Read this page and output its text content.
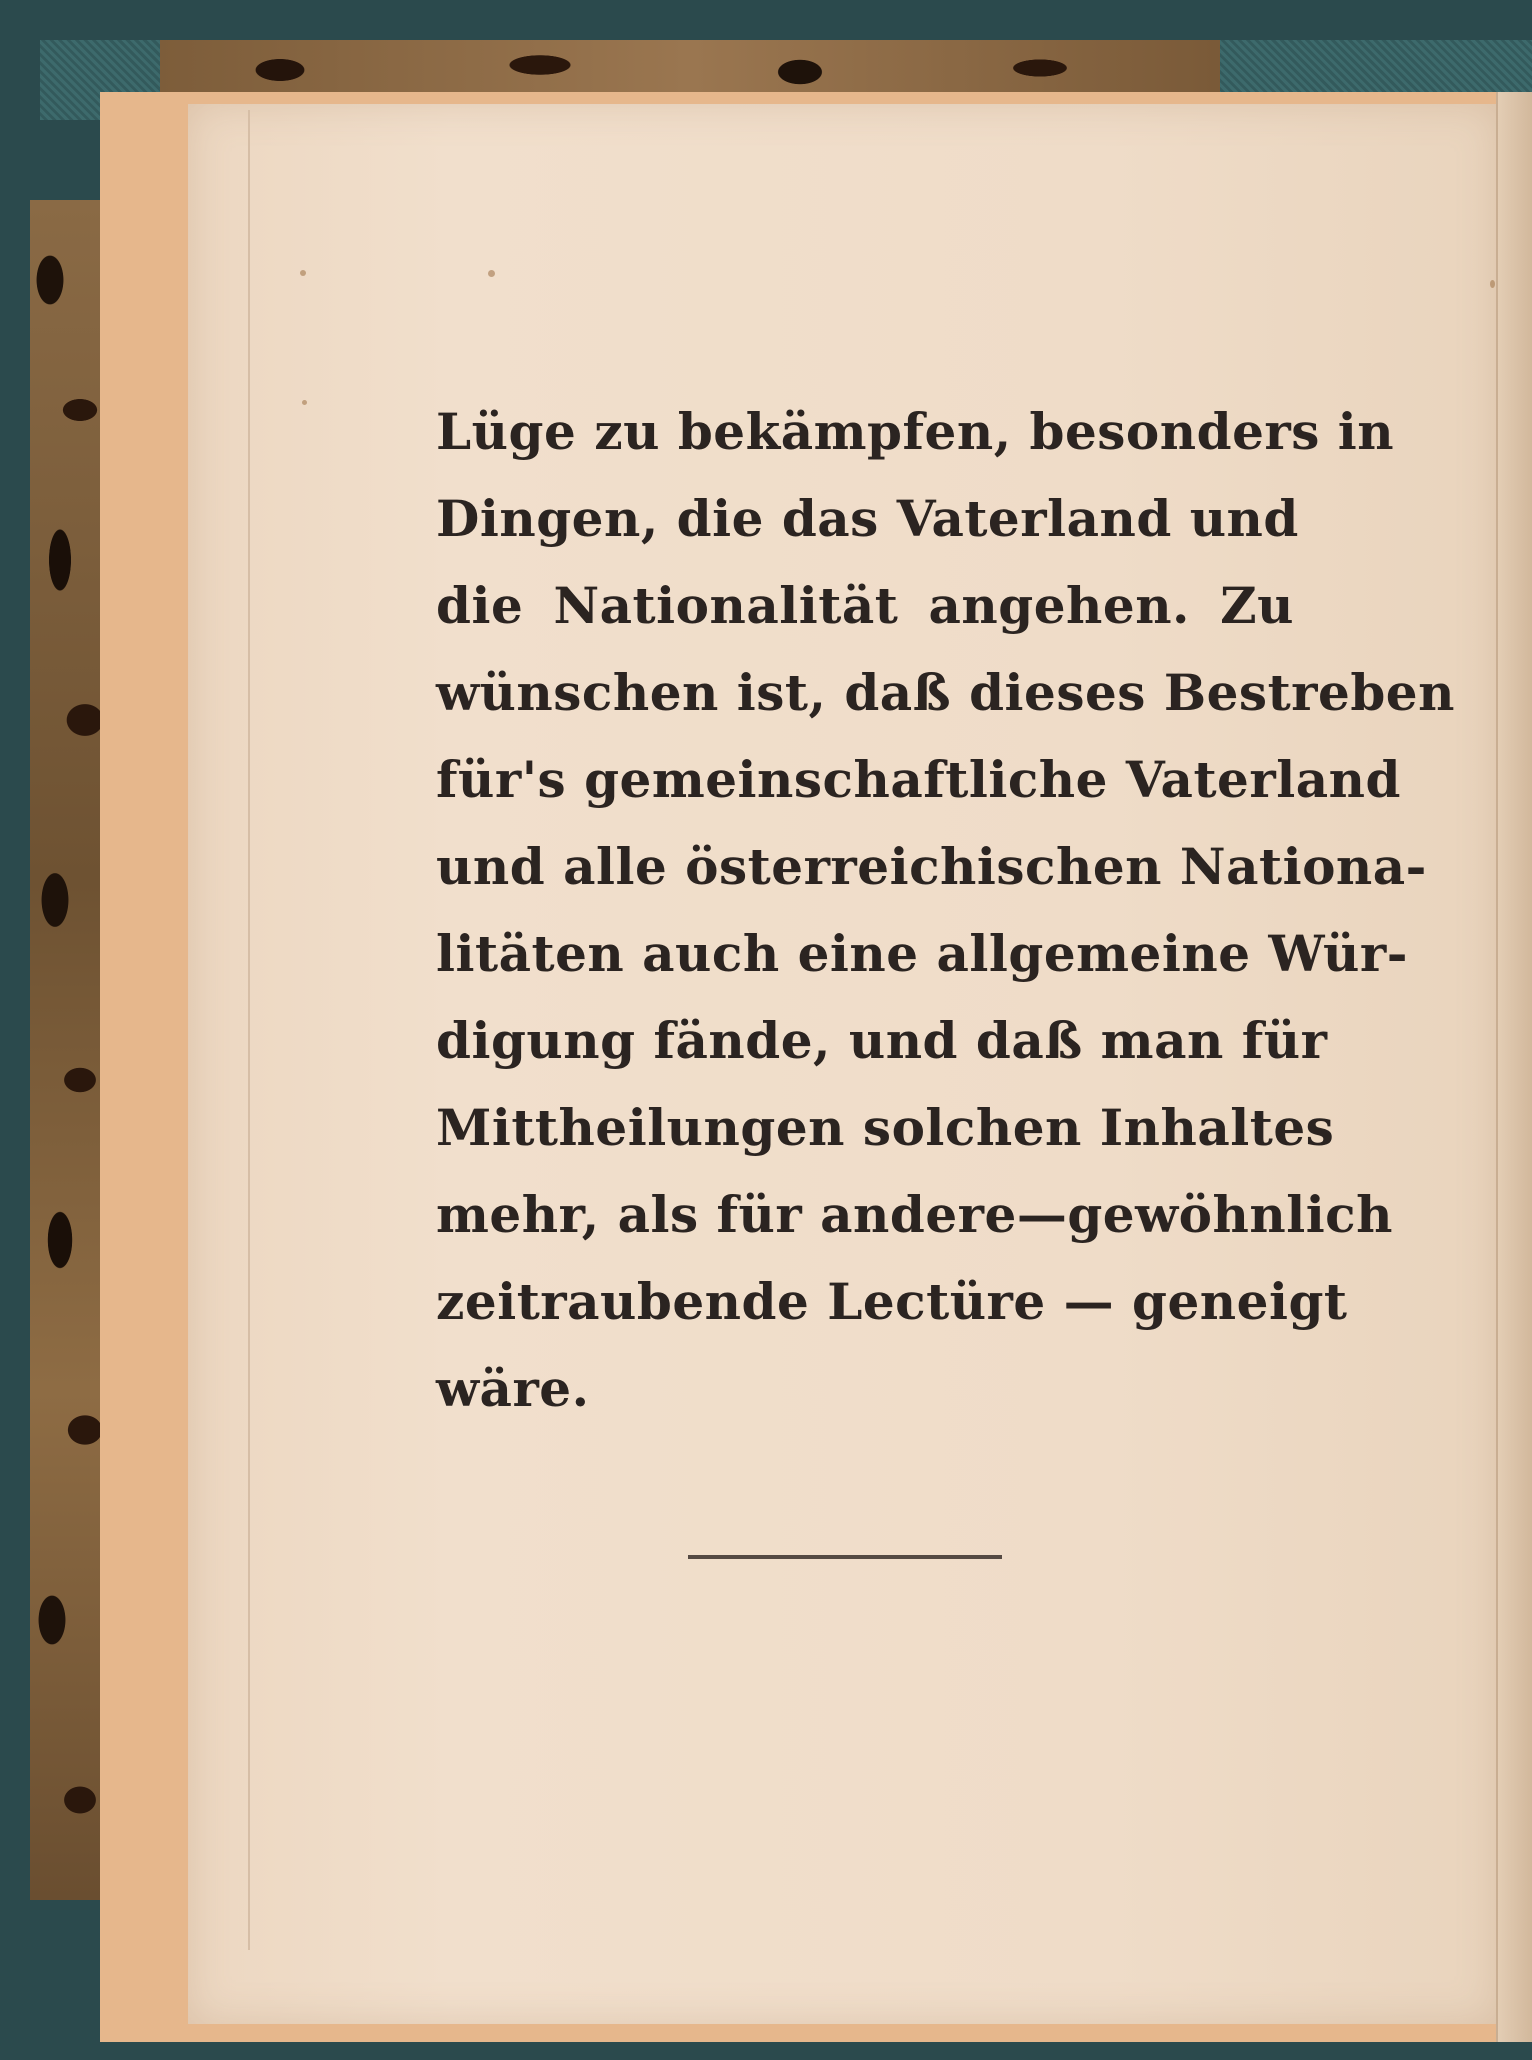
Lüge zu bekämpfen, besonders in
Dingen, die das Vaterland und
die Nationalität angehen. Zu
wünschen ist, daß dieses Bestreben
für's gemeinschaftliche Vaterland
und alle österreichischen Nationa-
litäten auch eine allgemeine Wür-
digung fände, und daß man für
Mittheilungen solchen Inhaltes
mehr, als für andere—gewöhnlich
zeitraubende Lectüre — geneigt
wäre.
